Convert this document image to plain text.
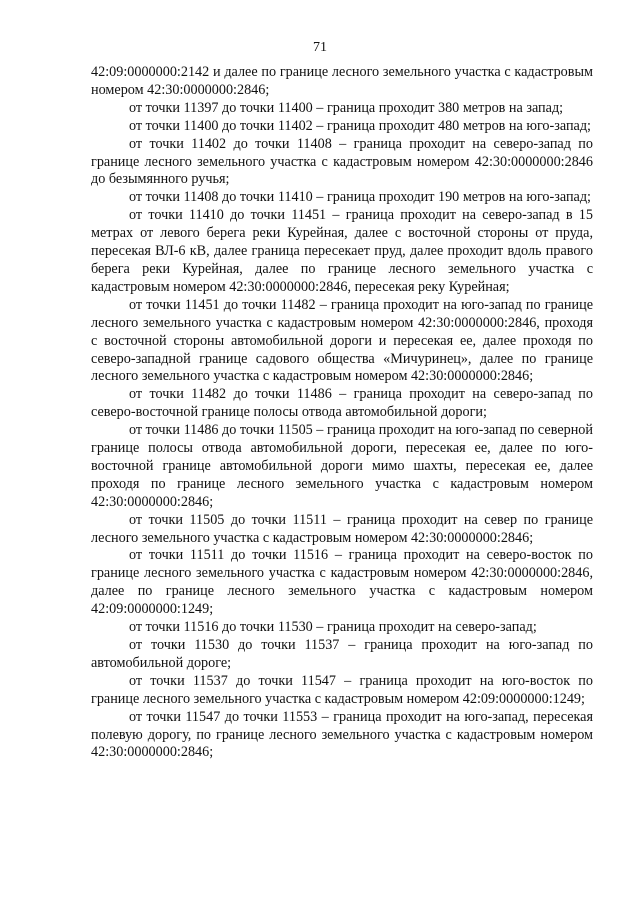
71

42:09:0000000:2142 и далее по границе лесного земельного участка с кадастровым номером 42:30:0000000:2846;

от точки 11397 до точки 11400 – граница проходит 380 метров на запад;

от точки 11400 до точки 11402 – граница проходит 480 метров на юго-запад;

от точки 11402 до точки 11408 – граница проходит на северо-запад по границе лесного земельного участка с кадастровым номером 42:30:0000000:2846 до безымянного ручья;

от точки 11408 до точки 11410 – граница проходит 190 метров на юго-запад;

от точки 11410 до точки 11451 – граница проходит на северо-запад в 15 метрах от левого берега реки Курейная, далее с восточной стороны от пруда, пересекая ВЛ-6 кВ, далее граница пересекает пруд, далее проходит вдоль правого берега реки Курейная, далее по границе лесного земельного участка с кадастровым номером 42:30:0000000:2846, пересекая реку Курейная;

от точки 11451 до точки 11482 – граница проходит на юго-запад по границе лесного земельного участка с кадастровым номером 42:30:0000000:2846, проходя с восточной стороны автомобильной дороги и пересекая ее, далее проходя по северо-западной границе садового общества «Мичуринец», далее по границе лесного земельного участка с кадастровым номером 42:30:0000000:2846;

от точки 11482 до точки 11486 – граница проходит на северо-запад по северо-восточной границе полосы отвода автомобильной дороги;

от точки 11486 до точки 11505 – граница проходит на юго-запад по северной границе полосы отвода автомобильной дороги, пересекая ее, далее по юго-восточной границе автомобильной дороги мимо шахты, пересекая ее, далее проходя по границе лесного земельного участка с кадастровым номером 42:30:0000000:2846;

от точки 11505 до точки 11511 – граница проходит на север по границе лесного земельного участка с кадастровым номером 42:30:0000000:2846;

от точки 11511 до точки 11516 – граница проходит на северо-восток по границе лесного земельного участка с кадастровым номером 42:30:0000000:2846, далее по границе лесного земельного участка с кадастровым номером 42:09:0000000:1249;

от точки 11516 до точки 11530 – граница проходит на северо-запад;

от точки 11530 до точки 11537 – граница проходит на юго-запад по автомобильной дороге;

от точки 11537 до точки 11547 – граница проходит на юго-восток по границе лесного земельного участка с кадастровым номером 42:09:0000000:1249;

от точки 11547 до точки 11553 – граница проходит на юго-запад, пересекая полевую дорогу, по границе лесного земельного участка с кадастровым номером 42:30:0000000:2846;
